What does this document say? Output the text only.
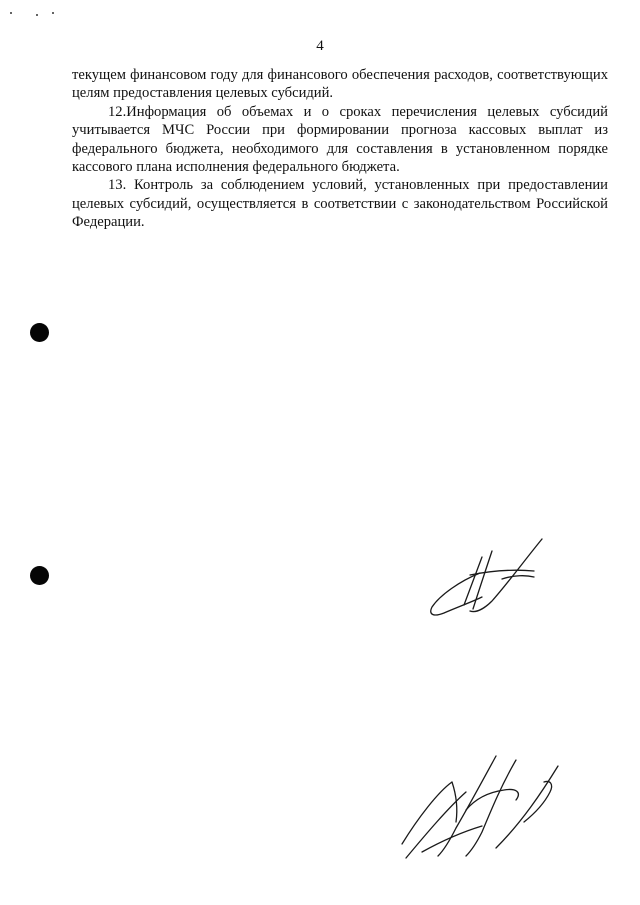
4

текущем финансовом году для финансового обеспечения расходов, соответствующих целям предоставления целевых субсидий.

12.Информация об объемах и о сроках перечисления целевых субсидий учитывается МЧС России при формировании прогноза кассовых выплат из федерального бюджета, необходимого для составления в установленном порядке кассового плана исполнения федерального бюджета.

13. Контроль за соблюдением условий, установленных при предоставлении целевых субсидий, осуществляется в соответствии с законодательством Российской Федерации.
